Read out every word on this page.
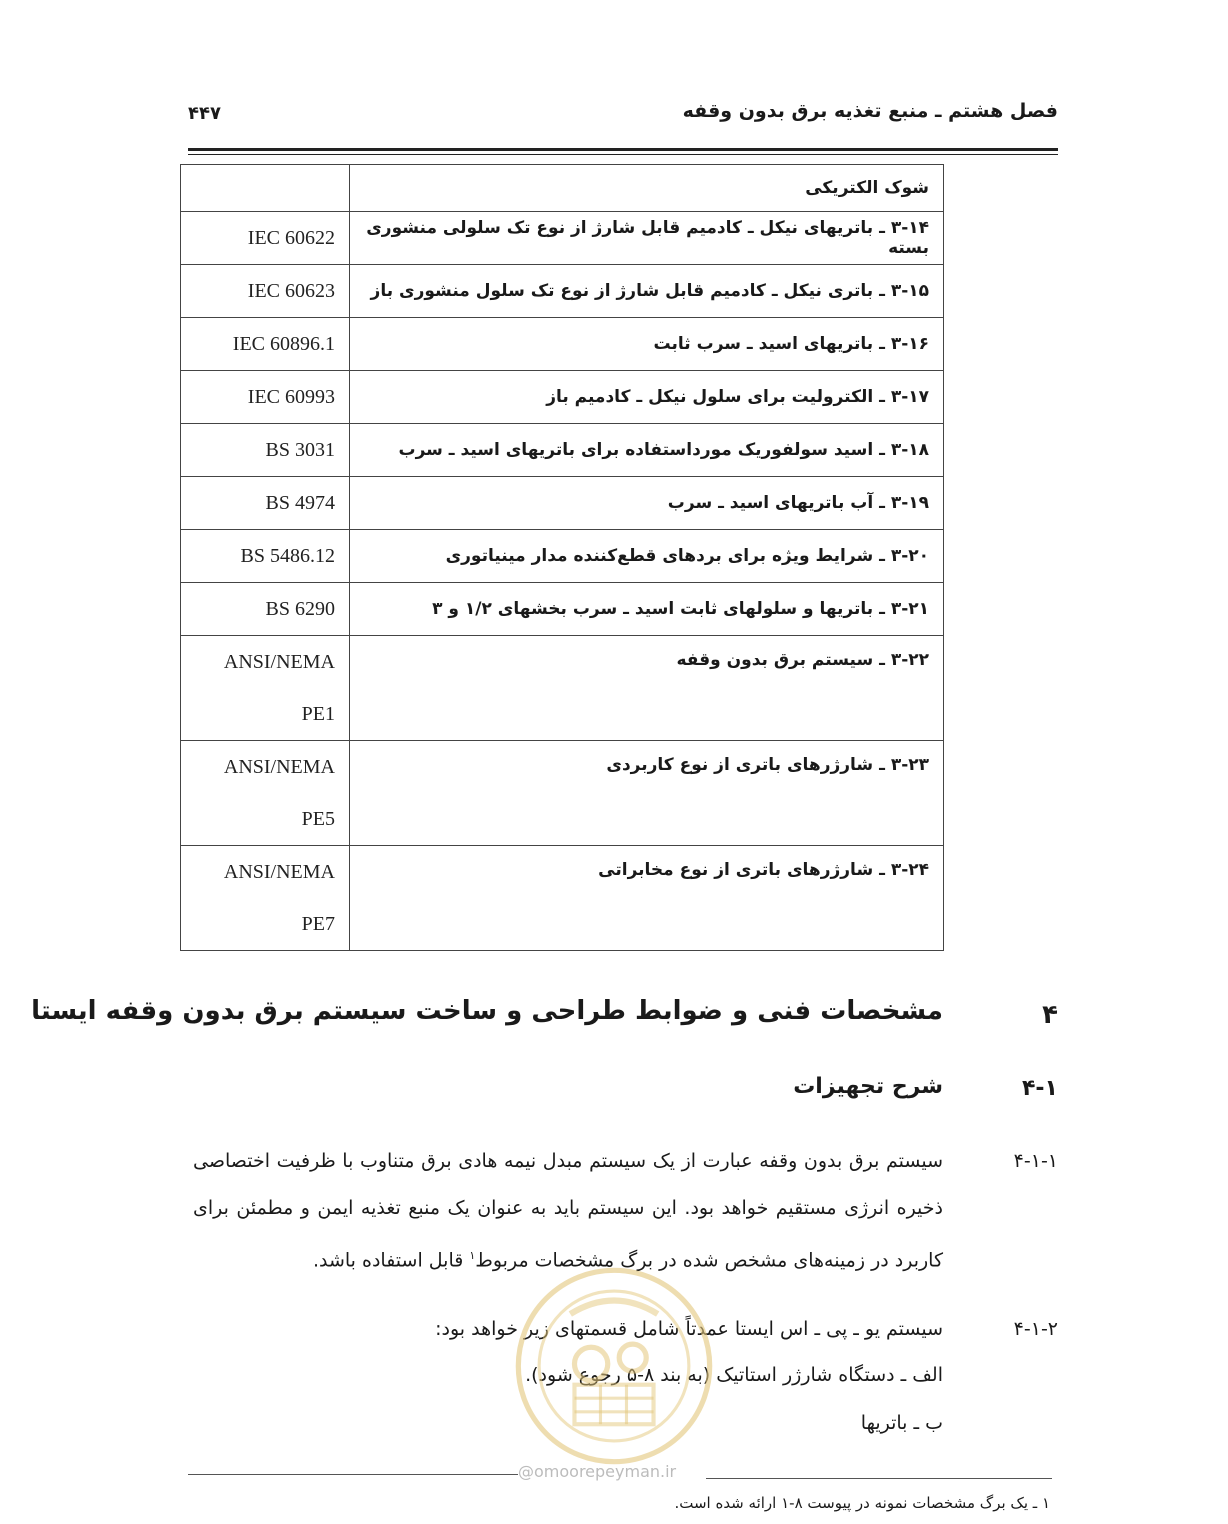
فصل هشتم ـ منبع تغذیه برق بدون وقفه
۴۴۷
شوک الکتریکی	
۳-۱۴ ـ باتریهای نیکل ـ کادمیم قابل شارژ از نوع تک سلولی منشوری بسته	IEC 60622

۳-۱۵ ـ باتری نیکل ـ کادمیم قابل شارژ از نوع تک سلول منشوری باز	IEC 60623

۳-۱۶ ـ باتریهای اسید ـ سرب ثابت	IEC 60896.1

۳-۱۷ ـ الکترولیت برای سلول نیکل ـ کادمیم باز	IEC 60993

۳-۱۸ ـ اسید سولفوریک مورداستفاده برای باتریهای اسید ـ سرب	BS 3031

۳-۱۹ ـ آب باتریهای اسید ـ سرب	BS 4974

۳-۲۰ ـ شرایط ویژه برای بردهای قطع‌کننده مدار مینیاتوری	BS 5486.12

۳-۲۱ ـ باتریها و سلولهای ثابت اسید ـ سرب بخشهای ۱/۲ و ۳	BS 6290

۳-۲۲ ـ سیستم برق بدون وقفه	ANSI/NEMA
PE1

۳-۲۳ ـ شارژرهای باتری از نوع کاربردی	ANSI/NEMA
PE5

۳-۲۴ ـ شارژرهای باتری از نوع مخابراتی	ANSI/NEMA
PE7
۴
مشخصات فنی و ضوابط طراحی و ساخت سیستم برق بدون وقفه ایستا
۴-۱
شرح تجهیزات
۴-۱-۱
سیستم برق بدون وقفه عبارت از یک سیستم مبدل نیمه هادی برق متناوب با ظرفیت اختصاصی ذخیره انرژی مستقیم خواهد بود. این سیستم باید به عنوان یک منبع تغذیه ایمن و مطمئن برای کاربرد در زمینه‌های مشخص شده در برگ مشخصات مربوط$^۱$ قابل استفاده باشد.
۴-۱-۲
سیستم یو ـ پی ـ اس ایستا عمدتاً شامل قسمتهای زیر خواهد بود:
الف ـ دستگاه شارژر استاتیک (به بند ۸-۵ رجوع شود).
ب ـ باتریها
@omoorepeyman.ir
۱ ـ یک برگ مشخصات نمونه در پیوست ۸-۱ ارائه شده است.
